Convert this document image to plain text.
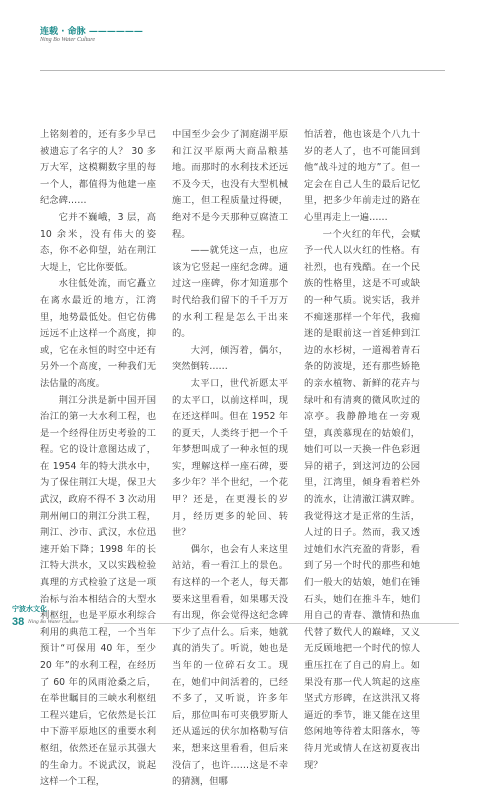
连载 · 命脉 ——————
Ning Bo Water Culture

上铭刻着的，还有多少早已被遗忘了名字的人？ 30 多万大军，这模糊数字里的每一个人，都值得为他建一座纪念碑……

它并不巍峨，3 层，高 10 余米，没有伟大的姿态，你不必仰望，站在荆江大堤上，它比你要低。

水往低处流，而它矗立在离水最近的地方，江湾里，地势最低处。但它仿佛远远不止这样一个高度，抑或，它在永恒的时空中还有另外一个高度，一种我们无法估量的高度。

荆江分洪是新中国开国治江的第一大水利工程，也是一个经得住历史考验的工程。它的设计意图达成了，在 1954 年的特大洪水中，为了保住荆江大堤，保卫大武汉，政府不得不 3 次动用荆州闸口的荆江分洪工程，荆江、沙市、武汉，水位迅速开始下降；1998 年的长江特大洪水，又以实践检验真理的方式检验了这是一项治标与治本相结合的大型水利枢纽，也是平原水利综合利用的典范工程，一个当年预计“可保用 40 年，至少 20 年”的水利工程，在经历了 60 年的风雨沧桑之后，在举世瞩目的三峡水利枢纽工程兴建后，它依然是长江中下游平原地区的重要水利枢纽，依然还在显示其强大的生命力。不说武汉，说起这样一个工程，

中国至少会少了洞庭湖平原和江汉平原两大商品粮基地。而那时的水利技术还远不及今天，也没有大型机械施工，但工程质量过得硬，绝对不是今天那种豆腐渣工程。

——就凭这一点，也应该为它竖起一座纪念碑。通过这一座碑，你才知道那个时代给我们留下的千千万万的水利工程是怎么干出来的。

大河，倾泻着，偶尔，突然倒转……

太平口，世代祈愿太平的太平口，以前这样叫，现在还这样叫。但在 1952 年的夏天，人类终于把一个千年梦想叫成了一种永恒的现实，理解这样一座石碑，要多少年？半个世纪，一个花甲？还是，在更漫长的岁月，经历更多的轮回、转世？

偶尔，也会有人来这里站站，看一看江上的景色。有这样的一个老人，每天都要来这里看看，如果哪天没有出现，你会觉得这纪念碑下少了点什么。后来，她就真的消失了。听说，她也是当年的一位碎石女工。现在，她们中间活着的，已经不多了，又听说，许多年后，那位叫布可夹俄罗斯人还从遥远的伏尔加格勒写信来，想来这里看看，但后来没信了，也许……这是不幸的猜测，但哪

怕活着，他也该是个八九十岁的老人了，也不可能回到他“战斗过的地方”了。但一定会在自己人生的最后记忆里，把多少年前走过的路在心里再走上一遍……

一个火红的年代，会赋予一代人以火红的性格。有社烈，也有残酷。在一个民族的性格里，这是不可或缺的一种气质。说实话，我并不痴迷那样一个年代，我痴迷的是眼前这一首延伸到江边的水杉树，一道褐着青石条的防波堤，还有那些娇艳的亲水植物、新鲜的花卉与绿叶和有清爽的微风吹过的凉亭。我静静地在一旁观望，真羡慕现在的姑娘们，她们可以一天换一件色彩迥异的裙子，到这河边的公园里，江湾里，倾身看着栏外的流水，让清澈江满双眸。我觉得这才是正常的生活，人过的日子。然而，我又透过她们水汽充盈的背影，看到了另一个时代的那些和她们一般大的姑娘，她们在锤石头，她们在推斗车，她们用自己的青春、激情和热血代替了数代人的巅峰，又义无反顾地把一个时代的惊人重压扛在了自己的肩上。如果没有那一代人筑起的这座坚式方形碑，在这洪汛又将逼近的季节，谁又能在这里悠闲地等待着太阳落水，等待月光或情人在这初夏夜出现？

宁波水文化
38 Ning Bo Water Culture
